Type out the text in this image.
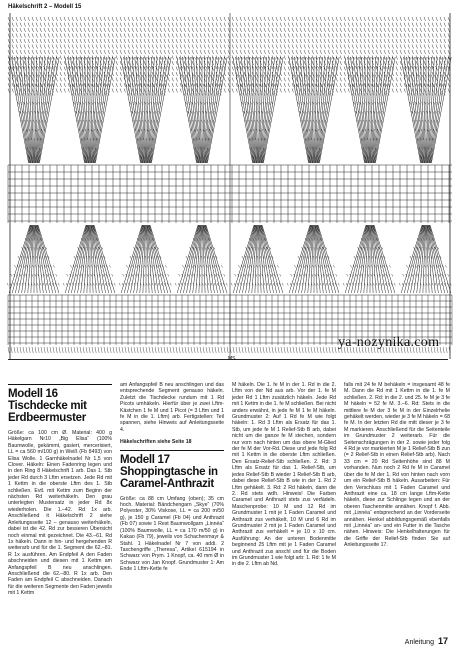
Häkelschrift 2 – Modell 15
ya-nozynika.com
MS
Modell 16
Tischdecke mit
Erdbeermuster

Größe: ca 100 cm Ø. Material: 400 g Häkelgarn Nr10 „Big Elisa“ (100% Baumwolle, gekämmt, gasiert, mercerisiert, LL = ca 560 m/100 g) in Weiß (Fb 8493) von Elisa Wolle. 1 Garnhäkelnadel Nr 1,5 von Clover. Häkeln: Einen Fadenring legen und in den Ring 8 Häkelschrift 1 arb. Das 1. Stb jeder Rd durch 3 Lftm ersetzen. Jede Rd mit 1 Kettm in die oberste Lftm des 1. Stb schließen. Evtl. mit Kettm zum Beginn der nächsten Rd weiterhäkeln. Den grau unterlegten Mustersatz in jeder Rd 8x wiederholen. Die 1.–42. Rd 1x arb. Anschließend it Häkelschrift 2 siehe Anleitungsseite 12 – genauso weiterhäkeln, dabei ist die 42. Rd zur besseren Übersicht noch einmal mit gezeichnet. Die 43.–61. Rd 1x häkeln. Dann in hin- und hergehenden R weiterarb und für die 1. Segment die 62.–81. R 1x ausführen. Am Endpfeil A den Faden abschneiden und diesen mit 1 Kettm am Anfangspfeil B neu anschlingen. Anschließend die 62.–80. R 1x arb. Den Faden am Endpfeil C abschneiden. Danach für die weiteren Segmente den Faden jeweils mit 1 Kettm

am Anfangspfeil B neu anschlingen und das entsprechende Segment genauso häkeln. Zuletzt die Tischdecke rundum mit 1 Rd Picots umhäkeln. Hierfür über je zwei Lftm-Kästchen 1 fe M und 1 Picot (= 3 Lftm und 1 fe M in die 1. Lftm) arb. Fertigstellen: Teil spannen, siehe Hinweis auf Anleitungsseite 4.

Häkelschriften siehe Seite 18

Modell 17
Shoppingtasche in
Caramel-Anthrazit

Größe: ca 88 cm Umfang (oben); 35 cm hoch. Material: Bändchengarn „Skye“ (70% Polyester, 30% Viskose, LL = ca 200 m/50 g), je 150 g Caramel (Fb 04) und Anthrazit (Fb 07) sowie 1 Rest Baumwollgarn „Linnéa“ (100% Baumwolle, LL = ca 170 m/50 g) in Kakao (Fb 79), jeweils von Schachenmayr & Stahl. 1 Häkelnadel Nr 7 von addi. 2 Taschengriffe „Theresa“, Artikel 615194 in Schwarz von Prym. 1 Knopf, ca. 40 mm Ø in Schwarz von Jan Knopf. Grundmuster 1: Am Ende 1 Lftm-Kette fe

M häkeln. Die 1. fe M in der 1. Rd in die 2. Lftm von der Nd aus arb. Vor der 1. fe M jeder Rd 1 Lftm zusätzlich häkeln. Jede Rd mit 1 Kettm in die 1. fe M schließen. Bei nicht anders erwähnt, in jede fe M 1 fe M häkeln. Grundmuster 2: Auf 1 Rd fe M wie folgt häkeln: 1. Rd 3 Lftm als Ersatz für das 1. Stb, um jede fe M 1 Relief-Stb B arb, dabei nicht um die ganze fe M stechen, sondern nur vorn nach hinten um das obere M-Glied der fe M der Vor-Rd. Diese und jede folg Rd mit 1 Kettm in die oberste Lftm schließen. Den Ersatz-Relief-Stb schließen. 2. Rd: 3 Lftm als Ersatz für das 1. Relief-Stb, um jedes Relief-Stb B wieder 1 Relief-Stb B arb, dabei diese Relief-Stb B wie in der 1. Rd 2 Lftm gehäkelt. 3. Rd: 2 Rd häkeln, dann die 2. Rd stets wdh. Hinweis! Die Farben Caramel und Anthrazit stets zus verfädeln. Maschenprobe: 10 M und 12 Rd im Grundmuster 1 mit je 1 Faden Caramel und Anthrazit zus verhäkelt, 10 M und 6 Rd im Grundmuster 2 mit je 1 Faden Caramel und Anthrazit zus verhäkelt = je 10 x 10 cm. Ausführung: An der unteren Bodenmitte beginnend 25 Lftm mit je 1 Faden Caramel und Anthrazit zus anschl und für die Boden im Grundmuster 1 wie folgt arb: 1. Rd: 1 fe M in die 2. Lftm ab Nd.

falls mit 24 fe M behäkeln = insgesamt 48 fe M. Dann die Rd mit 1 Kettm in die 1. fe M schließen. 2. Rd: in die 2. und 25. fe M je 3 fe M häkeln = 52 fe M. 3.–6. Rd: Stets in die mittlere fe M der 3 fe M in der Einzelrhelie gehäkelt werden, wieder je 3 fe M häkeln = 68 fe M. In der letzten Rd die mitt dieser je 3 fe M markieren. Anschließend für die Seitenteile im Grundmuster 2 weiterarb. Für die Seitenschrägungen in der 2. sowie jeder folg 4 Rd je vor markierten M je 1 Relief-Stb B zun (= 2 Relief-Stb in einen Relief-Stb arb). Nach 33 cm = 20 Rd Seitenhöhe sind 88 M vorhanden. Nun noch 2 Rd fe M in Caramel über die fe M der 1. Rd von hinten nach vorn um ein Relief-Stb B häkeln. Ausarbeiten: Für den Verschluss mit 1 Faden Caramel und Anthrazit eine ca. 18 cm lange Lftm-Kette häkeln, diese zur Schlinge legen und an der oberen Taschenmitte annähen. Knopf f. Abb. mit „Linnéa“ entsprechend an der Vorderseite annähen. Henkel abbildungsgemäß ebenfalls mit „Linnéa“ an- und ein Futter in die Tasche nähen. Hinweis: Die Henkelhalterungen für die Griffe der Relief-Stb finden Sie auf Anleitungsseite 17.

Anleitung 17
